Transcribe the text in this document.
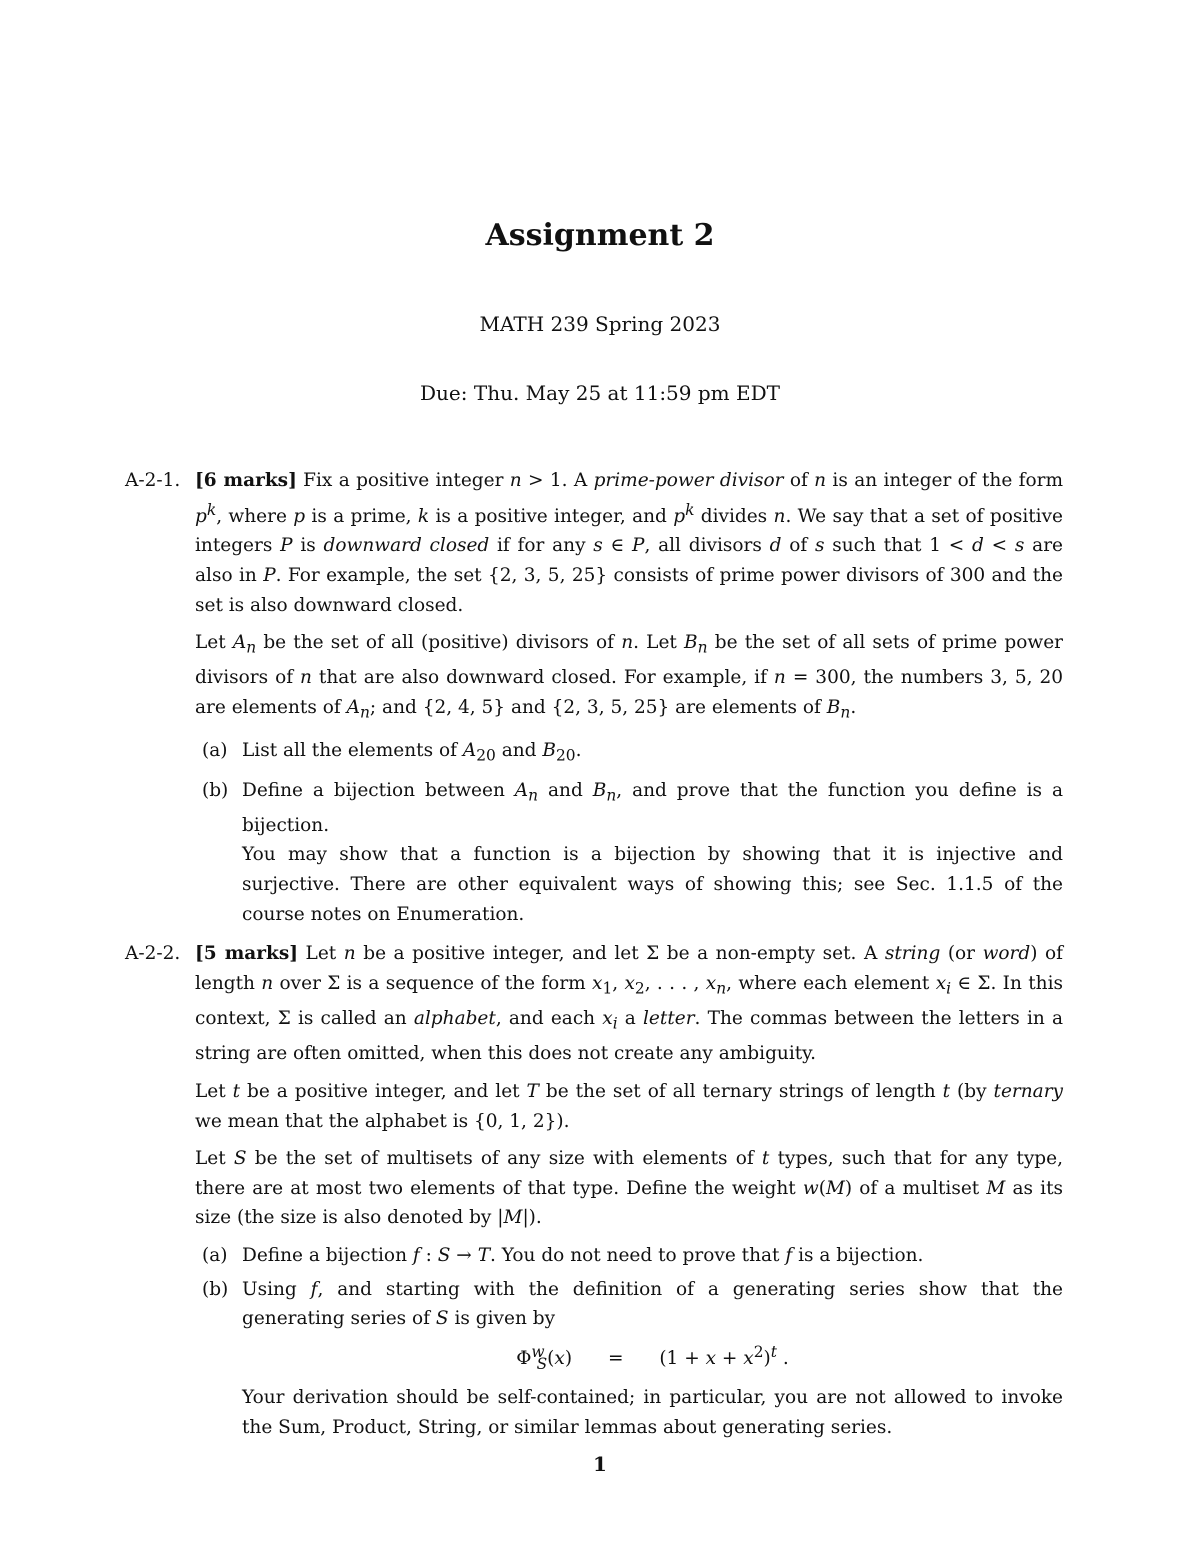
Assignment 2
MATH 239 Spring 2023
Due: Thu. May 25 at 11:59 pm EDT
A-2-1. [6 marks] Fix a positive integer n > 1. A prime-power divisor of n is an integer of the form $p^k$, where p is a prime, k is a positive integer, and $p^k$ divides n. We say that a set of positive integers P is downward closed if for any s ∈ P, all divisors d of s such that 1 < d < s are also in P. For example, the set {2, 3, 5, 25} consists of prime power divisors of 300 and the set is also downward closed.

Let $A_n$ be the set of all (positive) divisors of n. Let $B_n$ be the set of all sets of prime power divisors of n that are also downward closed. For example, if n = 300, the numbers 3, 5, 20 are elements of $A_n$; and {2, 4, 5} and {2, 3, 5, 25} are elements of $B_n$.

(a) List all the elements of $A_{20}$ and $B_{20}$.
(b) Define a bijection between $A_n$ and $B_n$, and prove that the function you define is a bijection.

You may show that a function is a bijection by showing that it is injective and surjective. There are other equivalent ways of showing this; see Sec. 1.1.5 of the course notes on Enumeration.

A-2-2. [5 marks] Let n be a positive integer, and let Σ be a non-empty set. A string (or word) of length n over Σ is a sequence of the form $x_1$, $x_2$, . . . , $x_n$, where each element $x_i$ ∈ Σ. In this context, Σ is called an alphabet, and each $x_i$ a letter. The commas between the letters in a string are often omitted, when this does not create any ambiguity.

Let t be a positive integer, and let T be the set of all ternary strings of length t (by ternary we mean that the alphabet is {0, 1, 2}).

Let S be the set of multisets of any size with elements of t types, such that for any type, there are at most two elements of that type. Define the weight w(M) of a multiset M as its size (the size is also denoted by |M|).

(a) Define a bijection f : S → T. You do not need to prove that f is a bijection.
(b) Using f, and starting with the definition of a generating series show that the generating series of S is given by
$\Phi^w_S(x) = (1 + x + x^2)^t$ .

Your derivation should be self-contained; in particular, you are not allowed to invoke the Sum, Product, String, or similar lemmas about generating series.

1
